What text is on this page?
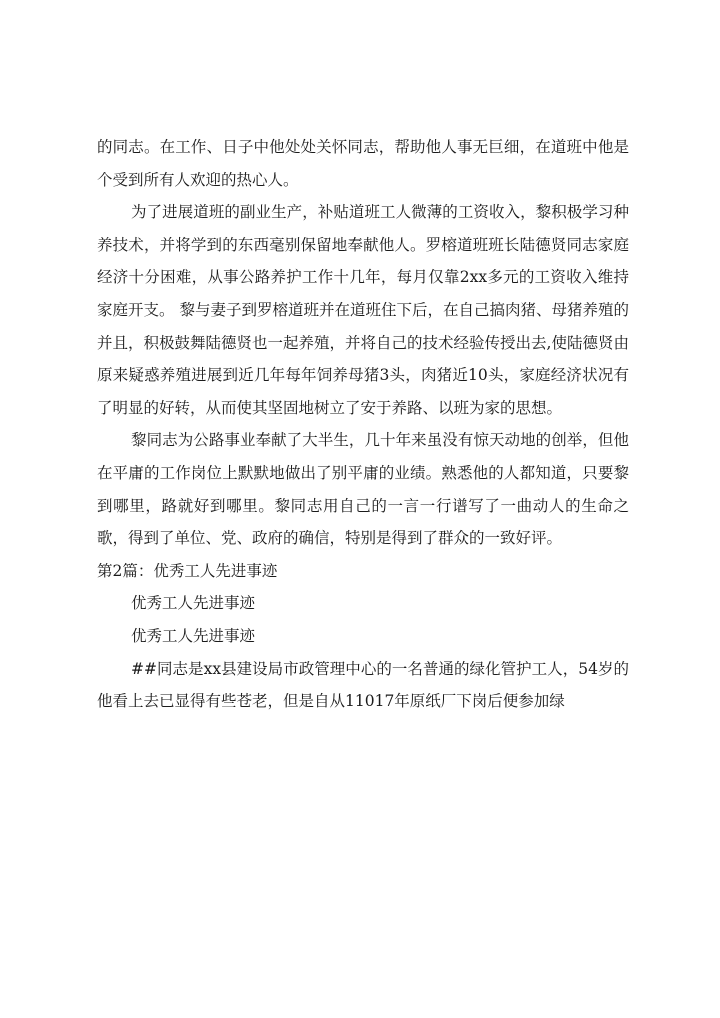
的同志。在工作、日子中他处处关怀同志，帮助他人事无巨细，在道班中他是个受到所有人欢迎的热心人。

为了进展道班的副业生产，补贴道班工人微薄的工资收入，黎积极学习种养技术，并将学到的东西毫别保留地奉献他人。罗榕道班班长陆德贤同志家庭经济十分困难，从事公路养护工作十几年，每月仅靠2xx多元的工资收入维持家庭开支。 黎与妻子到罗榕道班并在道班住下后，在自己搞肉猪、母猪养殖的并且，积极鼓舞陆德贤也一起养殖，并将自己的技术经验传授出去,使陆德贤由原来疑惑养殖进展到近几年每年饲养母猪3头，肉猪近10头，家庭经济状况有了明显的好转，从而使其坚固地树立了安于养路、以班为家的思想。

黎同志为公路事业奉献了大半生，几十年来虽没有惊天动地的创举，但他在平庸的工作岗位上默默地做出了别平庸的业绩。熟悉他的人都知道，只要黎到哪里，路就好到哪里。黎同志用自己的一言一行谱写了一曲动人的生命之歌，得到了单位、党、政府的确信，特别是得到了群众的一致好评。

第2篇：优秀工人先进事迹

优秀工人先进事迹

优秀工人先进事迹

##同志是xx县建设局市政管理中心的一名普通的绿化管护工人，54岁的他看上去已显得有些苍老，但是自从11017年原纸厂下岗后便参加绿
